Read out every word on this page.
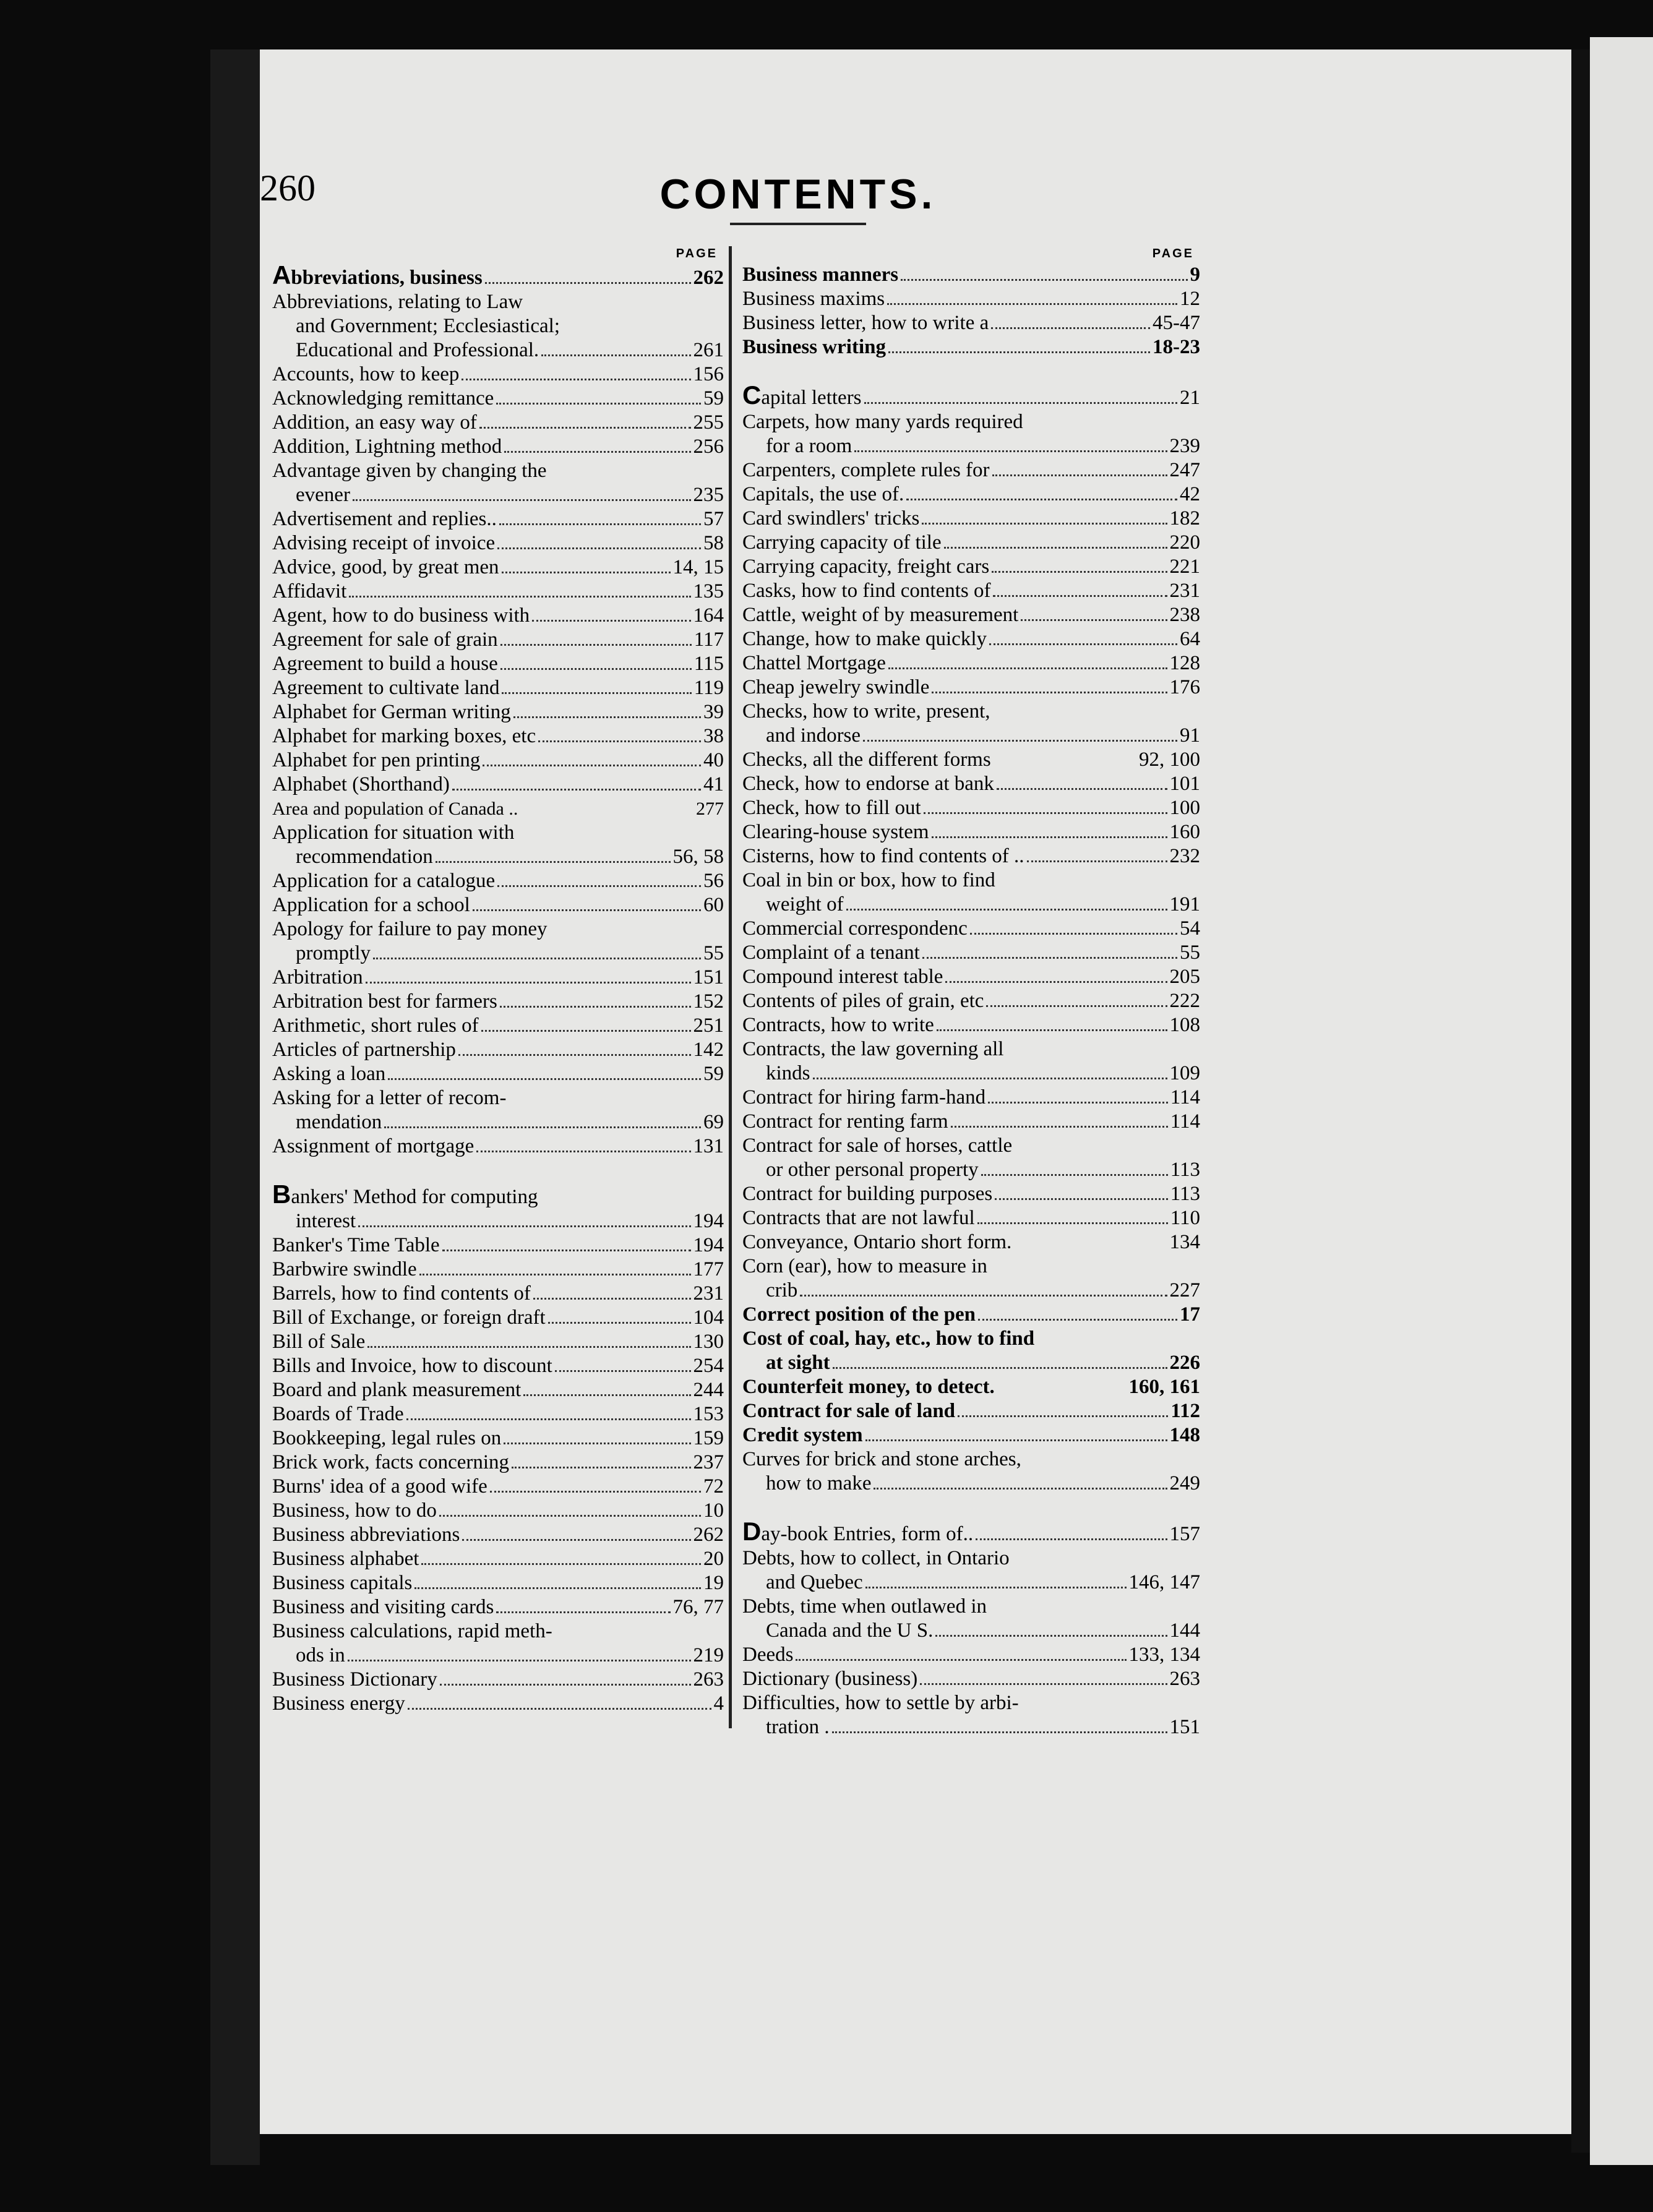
260	CONTENTS.
PAGE
Abbreviations, business	262
Abbreviations, relating to Law
and Government; Ecclesiastical;
Educational and Professional.	261
Accounts, how to keep	156
Acknowledging remittance	59
Addition, an easy way of	255
Addition, Lightning method	256
Advantage given by changing the
evener	235
Advertisement and replies..	57
Advising receipt of invoice	58
Advice, good, by great men	14, 15
Affidavit	135
Agent, how to do business with	164
Agreement for sale of grain	117
Agreement to build a house	115
Agreement to cultivate land	119
Alphabet for German writing	39
Alphabet for marking boxes, etc	38
Alphabet for pen printing	40
Alphabet (Shorthand)	41
Area and population of Canada ..	277
Application for situation with
recommendation	56, 58
Application for a catalogue	56
Application for a school	60
Apology for failure to pay money
promptly	55
Arbitration	151
Arbitration best for farmers	152
Arithmetic, short rules of	251
Articles of partnership	142
Asking a loan	59
Asking for a letter of recom-
mendation	69
Assignment of mortgage	131
Bankers' Method for computing
interest	194
Banker's Time Table	194
Barbwire swindle	177
Barrels, how to find contents of	231
Bill of Exchange, or foreign draft	104
Bill of Sale	130
Bills and Invoice, how to discount	254
Board and plank measurement	244
Boards of Trade	153
Bookkeeping, legal rules on	159
Brick work, facts concerning	237
Burns' idea of a good wife	72
Business, how to do	10
Business abbreviations	262
Business alphabet	20
Business capitals	19
Business and visiting cards	76, 77
Business calculations, rapid meth-
ods in	219
Business Dictionary	263
Business energy	4
PAGE
Business manners	9
Business maxims	12
Business letter, how to write a	45-47
Business writing	18-23
Capital letters	21
Carpets, how many yards required
for a room	239
Carpenters, complete rules for	247
Capitals, the use of.	42
Card swindlers' tricks	182
Carrying capacity of tile	220
Carrying capacity, freight cars	221
Casks, how to find contents of	231
Cattle, weight of by measurement	238
Change, how to make quickly	64
Chattel Mortgage	128
Cheap jewelry swindle	176
Checks, how to write, present,
and indorse	91
Checks, all the different forms	92, 100
Check, how to endorse at bank	101
Check, how to fill out	100
Clearing-house system	160
Cisterns, how to find contents of ..	232
Coal in bin or box, how to find
weight of	191
Commercial correspondenc	54
Complaint of a tenant	55
Compound interest table	205
Contents of piles of grain, etc	222
Contracts, how to write	108
Contracts, the law governing all
kinds	109
Contract for hiring farm-hand	114
Contract for renting farm	114
Contract for sale of horses, cattle
or other personal property	113
Contract for building purposes	113
Contracts that are not lawful	110
Conveyance, Ontario short form.	134
Corn (ear), how to measure in
crib	227
Correct position of the pen	17
Cost of coal, hay, etc., how to find
at sight	226
Counterfeit money, to detect.	160, 161
Contract for sale of land	112
Credit system	148
Curves for brick and stone arches,
how to make	249
Day-book Entries, form of..	157
Debts, how to collect, in Ontario
and Quebec	146, 147
Debts, time when outlawed in
Canada and the U S.	144
Deeds	133, 134
Dictionary (business)	263
Difficulties, how to settle by arbi-
tration .	151
